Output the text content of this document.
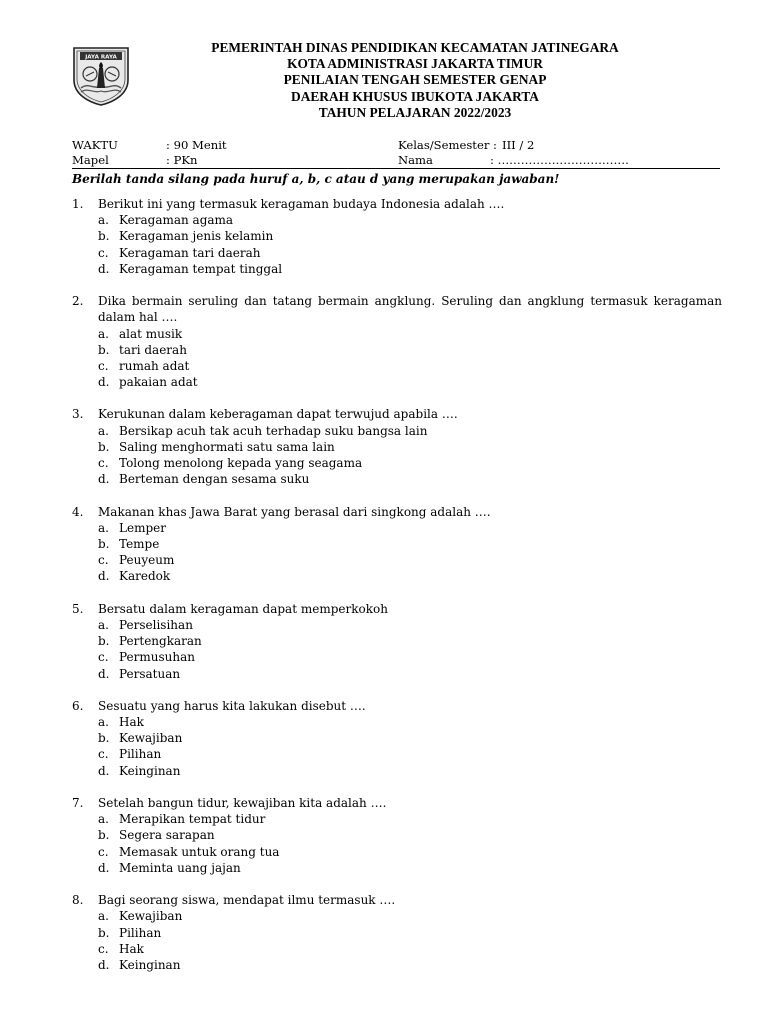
JAYA RAYA
PEMERINTAH DINAS PENDIDIKAN KECAMATAN JATINEGARA
KOTA ADMINISTRASI JAKARTA TIMUR
PENILAIAN TENGAH SEMESTER GENAP
DAERAH KHUSUS IBUKOTA JAKARTA
TAHUN PELAJARAN 2022/2023
WAKTU	: 90 Menit	Kelas/Semester : III / 2
Mapel	: PKn	Nama	: …………………………….
Berilah tanda silang pada huruf a, b, c atau d yang merupakan jawaban!
1. Berikut ini yang termasuk keragaman budaya Indonesia adalah ….
a. Keragaman agama
b. Keragaman jenis kelamin
c. Keragaman tari daerah
d. Keragaman tempat tinggal
2. Dika bermain seruling dan tatang bermain angklung. Seruling dan angklung termasuk keragaman dalam hal ….
a. alat musik
b. tari daerah
c. rumah adat
d. pakaian adat
3. Kerukunan dalam keberagaman dapat terwujud apabila ….
a. Bersikap acuh tak acuh terhadap suku bangsa lain
b. Saling menghormati satu sama lain
c. Tolong menolong kepada yang seagama
d. Berteman dengan sesama suku
4. Makanan khas Jawa Barat yang berasal dari singkong adalah ….
a. Lemper
b. Tempe
c. Peuyeum
d. Karedok
5. Bersatu dalam keragaman dapat memperkokoh
a. Perselisihan
b. Pertengkaran
c. Permusuhan
d. Persatuan
6. Sesuatu yang harus kita lakukan disebut ….
a. Hak
b. Kewajiban
c. Pilihan
d. Keinginan
7. Setelah bangun tidur, kewajiban kita adalah ….
a. Merapikan tempat tidur
b. Segera sarapan
c. Memasak untuk orang tua
d. Meminta uang jajan
8. Bagi seorang siswa, mendapat ilmu termasuk ….
a. Kewajiban
b. Pilihan
c. Hak
d. Keinginan
